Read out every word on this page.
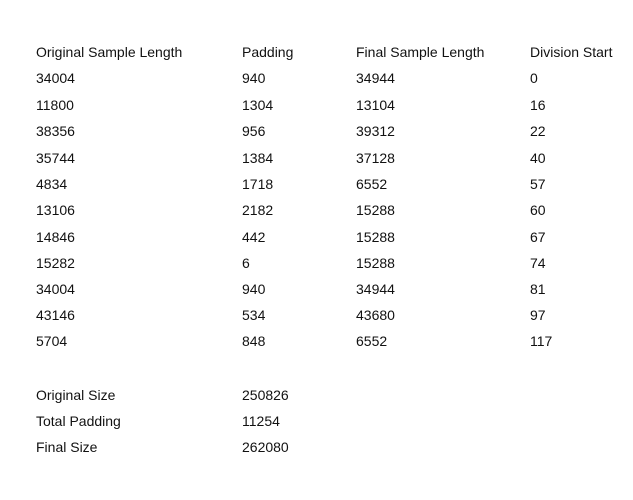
Original Sample Length	Padding	Final Sample Length	Division Start
34004	940	34944	0
11800	1304	13104	16
38356	956	39312	22
35744	1384	37128	40
4834	1718	6552	57
13106	2182	15288	60
14846	442	15288	67
15282	6	15288	74
34004	940	34944	81
43146	534	43680	97
5704	848	6552	117
Original Size	250826
Total Padding	11254
Final Size	262080
